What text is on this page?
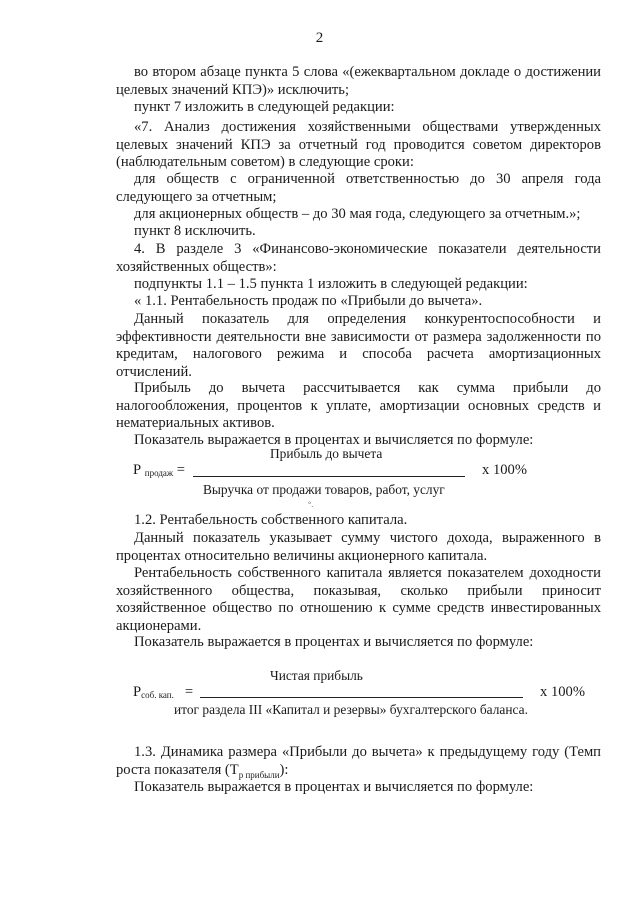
2

во втором абзаце пункта 5 слова «(ежеквартальном докладе о достижении целевых значений КПЭ)» исключить;

пункт 7 изложить в следующей редакции:

«7. Анализ достижения хозяйственными обществами утвержденных целевых значений КПЭ за отчетный год проводится советом директоров (наблюдательным советом) в следующие сроки:

для обществ с ограниченной ответственностью до 30 апреля года следующего за отчетным;

для акционерных обществ – до 30 мая года, следующего за отчетным.»;

пункт 8 исключить.

4. В разделе 3 «Финансово-экономические показатели деятельности хозяйственных обществ»:

подпункты 1.1 – 1.5 пункта 1 изложить в следующей редакции:

« 1.1. Рентабельность продаж по «Прибыли до вычета».

Данный показатель для определения конкурентоспособности и эффективности деятельности вне зависимости от размера задолженности по кредитам, налогового режима и способа расчета амортизационных отчислений.

Прибыль до вычета рассчитывается как сумма прибыли до налогообложения, процентов к уплате, амортизации основных средств и нематериальных активов.

Показатель выражается в процентах и вычисляется по формуле:

Прибыль до вычета
Р $_{продаж}$ =	х 100%
Выручка от продажи товаров, работ, услуг
°.

1.2. Рентабельность собственного капитала.

Данный показатель указывает сумму чистого дохода, выраженного в процентах относительно величины акционерного капитала.

Рентабельность собственного капитала является показателем доходности хозяйственного общества, показывая, сколько прибыли приносит хозяйственное общество по отношению к сумме средств инвестированных акционерами.

Показатель выражается в процентах и вычисляется по формуле:

Чистая прибыль
$Р_{соб. кап.}$ =	х 100%
итог раздела III «Капитал и резервы» бухгалтерского баланса.

1.3. Динамика размера «Прибыли до вычета» к предыдущему году (Темп роста показателя $(Т_{р прибыли})$:

Показатель выражается в процентах и вычисляется по формуле:
